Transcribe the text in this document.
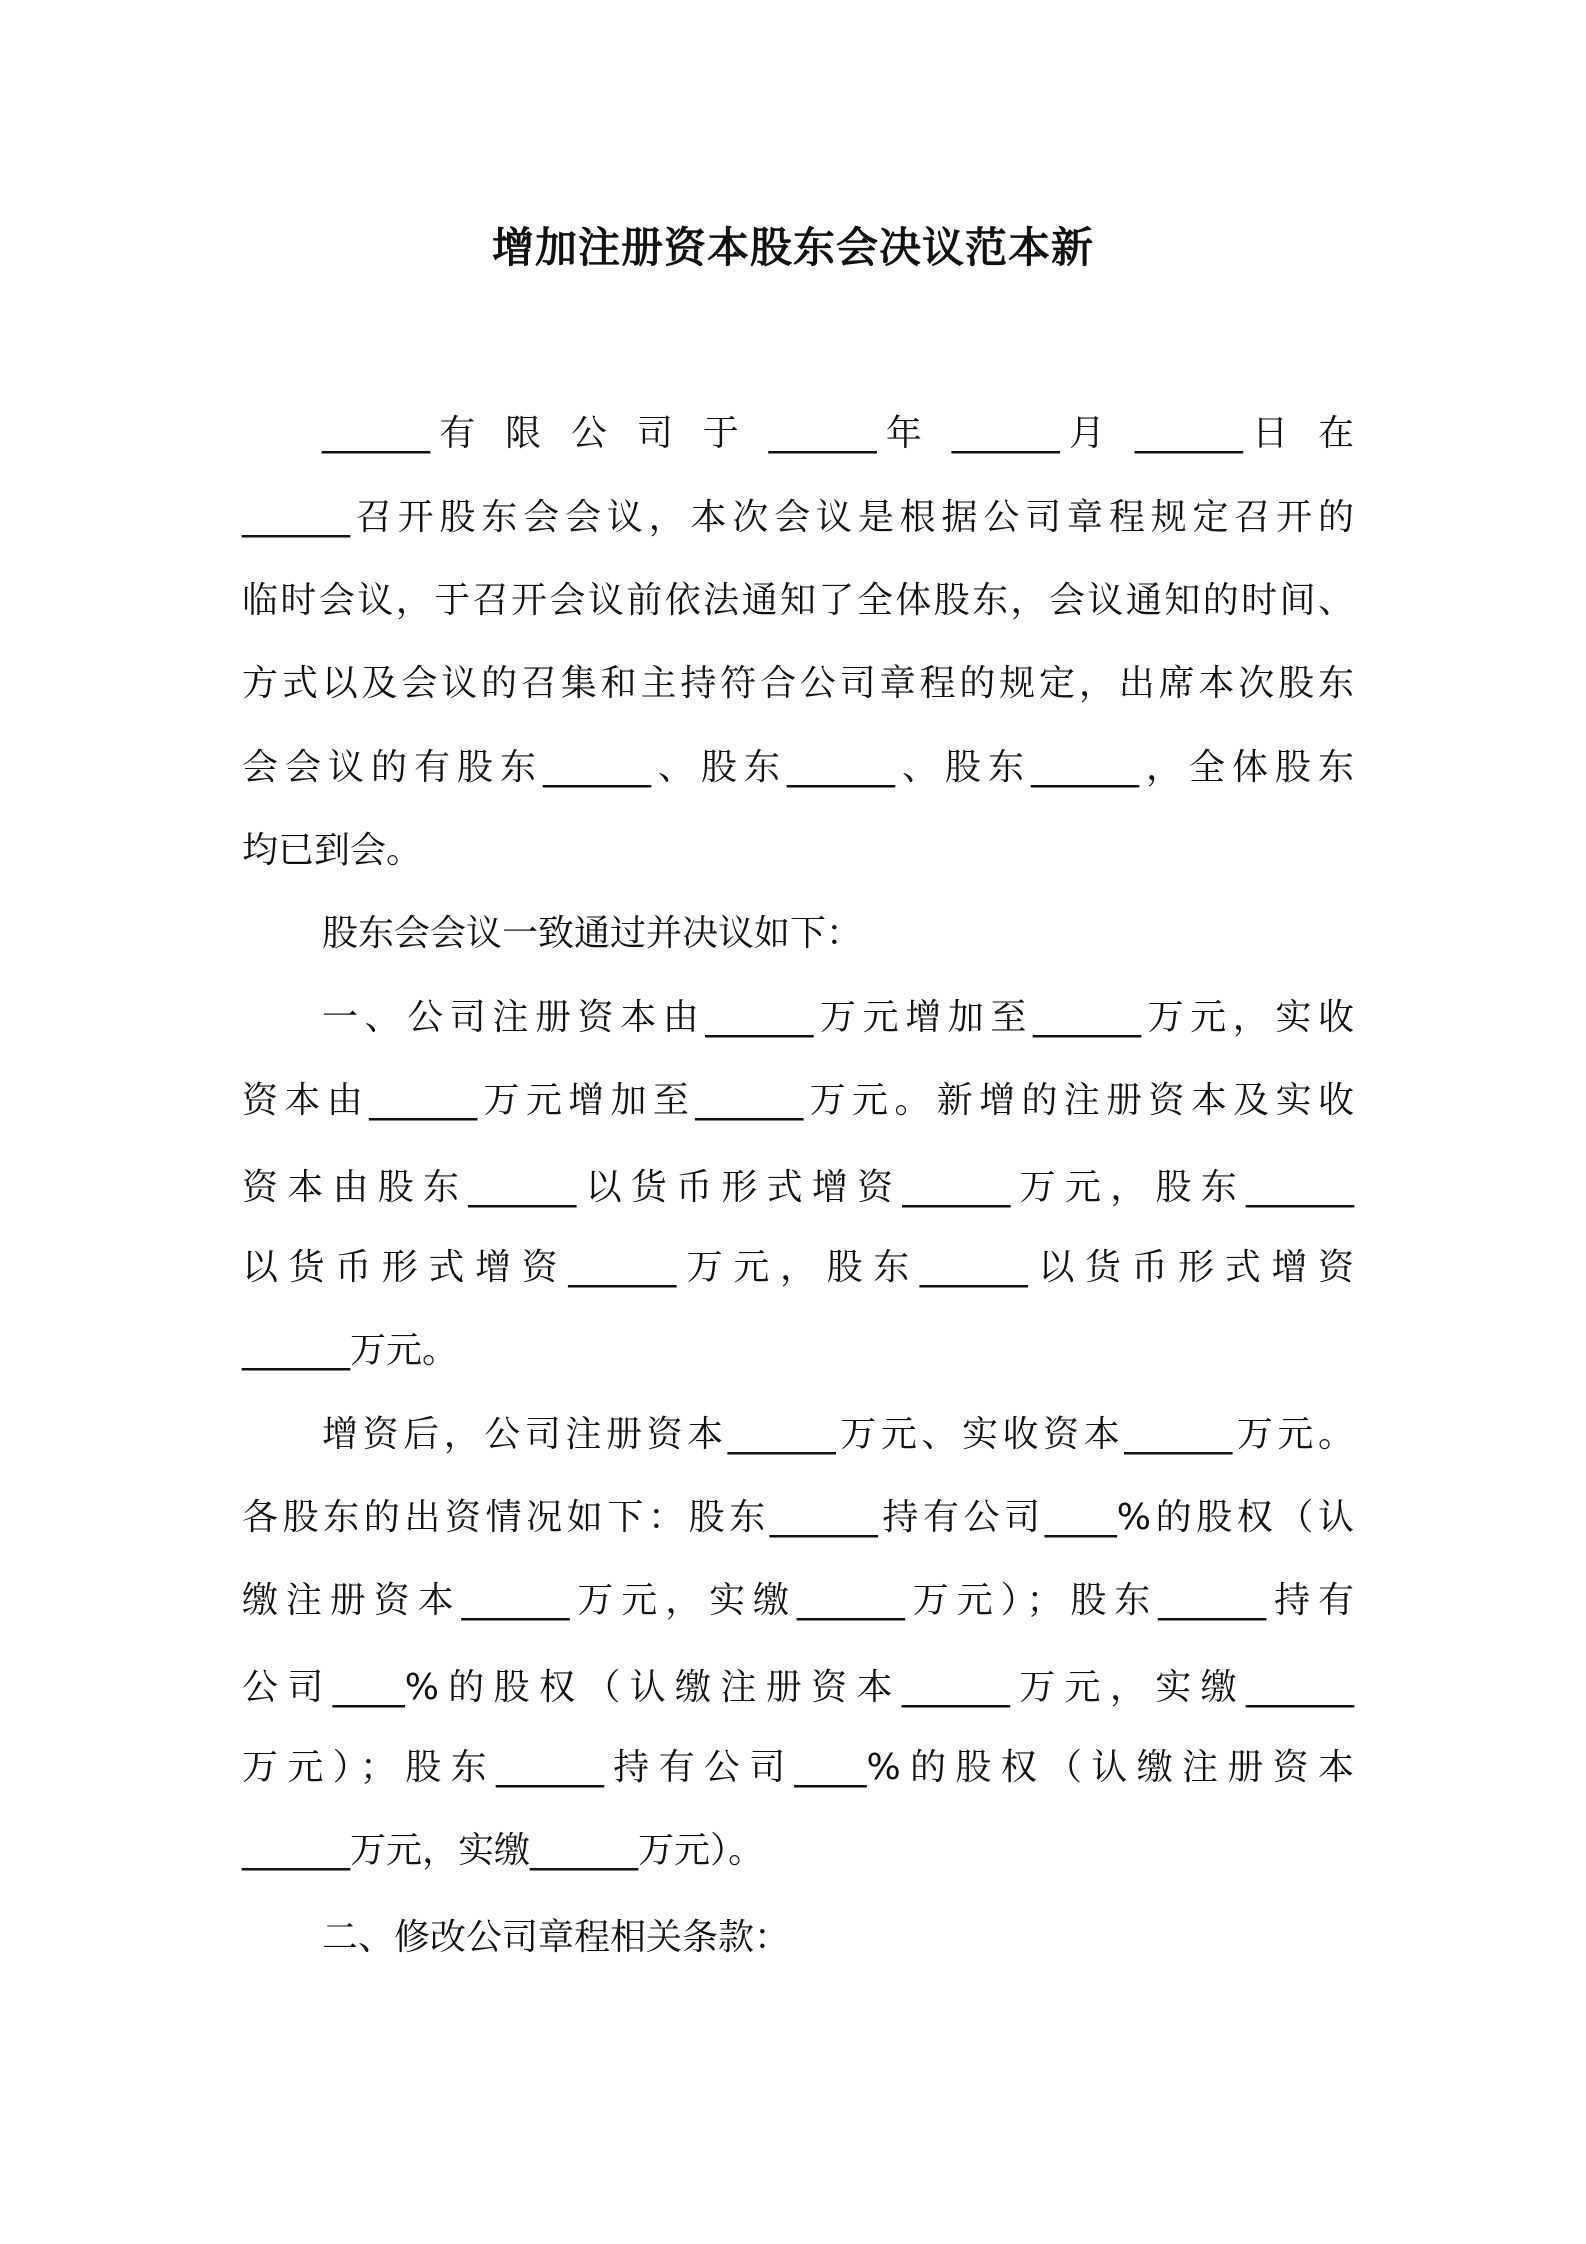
增加注册资本股东会决议范本新
______有 限 公 司 于 ______年 ______月 ______日 在
______召开股东会会议，本次会议是根据公司章程规定召开的
临时会议，于召开会议前依法通知了全体股东，会议通知的时间、
方式以及会议的召集和主持符合公司章程的规定，出席本次股东
会会议的有股东______、股东______、股东______，全体股东
均已到会。
股东会会议一致通过并决议如下：
一、公司注册资本由______万元增加至______万元，实收
资本由______万元增加至______万元。新增的注册资本及实收
资本由股东______以货币形式增资______万元，股东______
以货币形式增资______万元，股东______以货币形式增资
______万元。
增资后，公司注册资本______万元、实收资本______万元。
各股东的出资情况如下：股东______持有公司____%的股权（认
缴注册资本______万元，实缴______万元）；股东______持有
公司____%的股权（认缴注册资本______万元，实缴______
万元）；股东______持有公司____%的股权（认缴注册资本
______万元，实缴______万元）。
二、修改公司章程相关条款：
